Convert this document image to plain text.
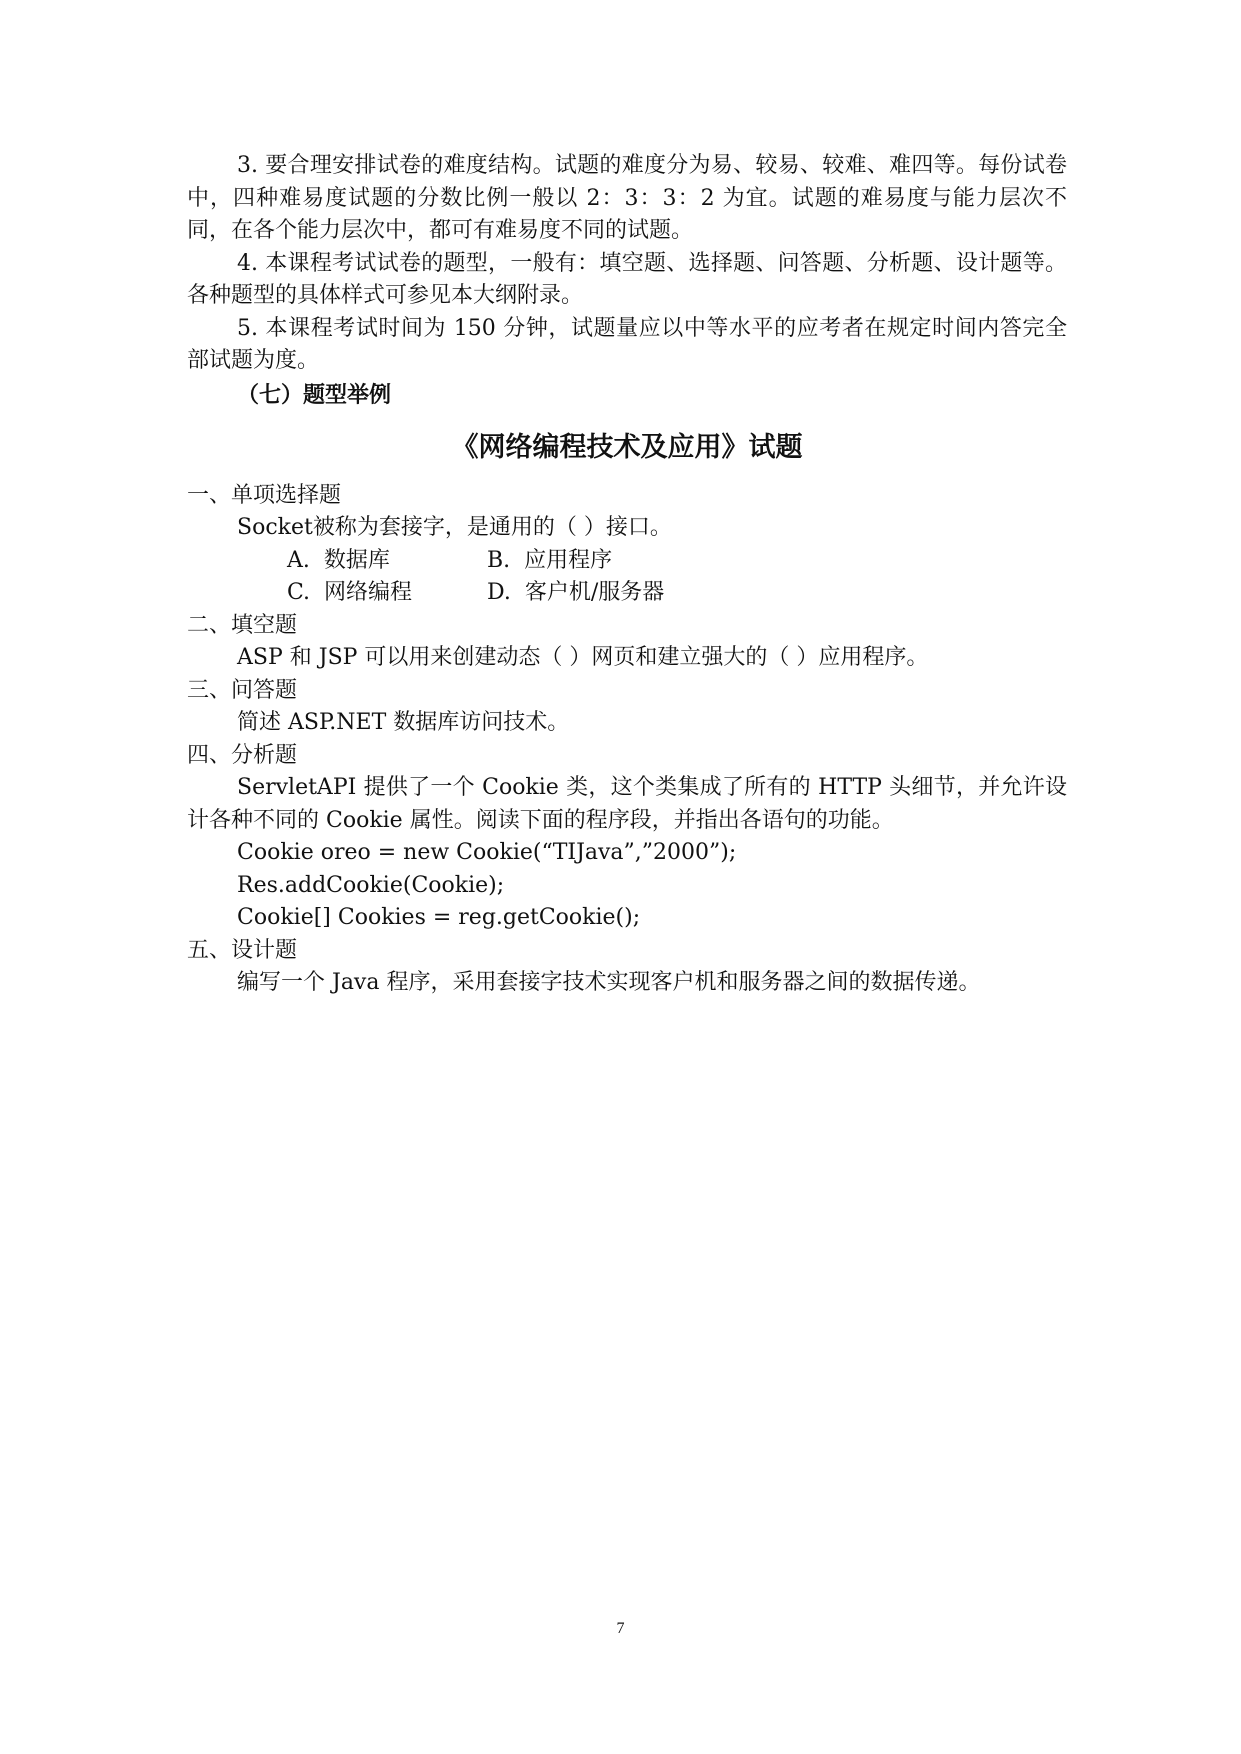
3. 要合理安排试卷的难度结构。试题的难度分为易、较易、较难、难四等。每份试卷中，四种难易度试题的分数比例一般以 2：3：3：2 为宜。试题的难易度与能力层次不同，在各个能力层次中，都可有难易度不同的试题。

4. 本课程考试试卷的题型，一般有：填空题、选择题、问答题、分析题、设计题等。各种题型的具体样式可参见本大纲附录。

5. 本课程考试时间为 150 分钟，试题量应以中等水平的应考者在规定时间内答完全部试题为度。

（七）题型举例

《网络编程技术及应用》试题

一、单项选择题

Socket被称为套接字，是通用的（ ）接口。

A.  数据库	B.  应用程序
C.  网络编程	D.  客户机/服务器

二、填空题

ASP 和 JSP 可以用来创建动态（ ）网页和建立强大的（ ）应用程序。

三、问答题

简述 ASP.NET 数据库访问技术。

四、分析题

ServletAPI 提供了一个 Cookie 类，这个类集成了所有的 HTTP 头细节，并允许设计各种不同的 Cookie 属性。阅读下面的程序段，并指出各语句的功能。

Cookie oreo = new Cookie(“TIJava”,”2000”);

Res.addCookie(Cookie);

Cookie[] Cookies = reg.getCookie();

五、设计题

编写一个 Java 程序，采用套接字技术实现客户机和服务器之间的数据传递。

7
